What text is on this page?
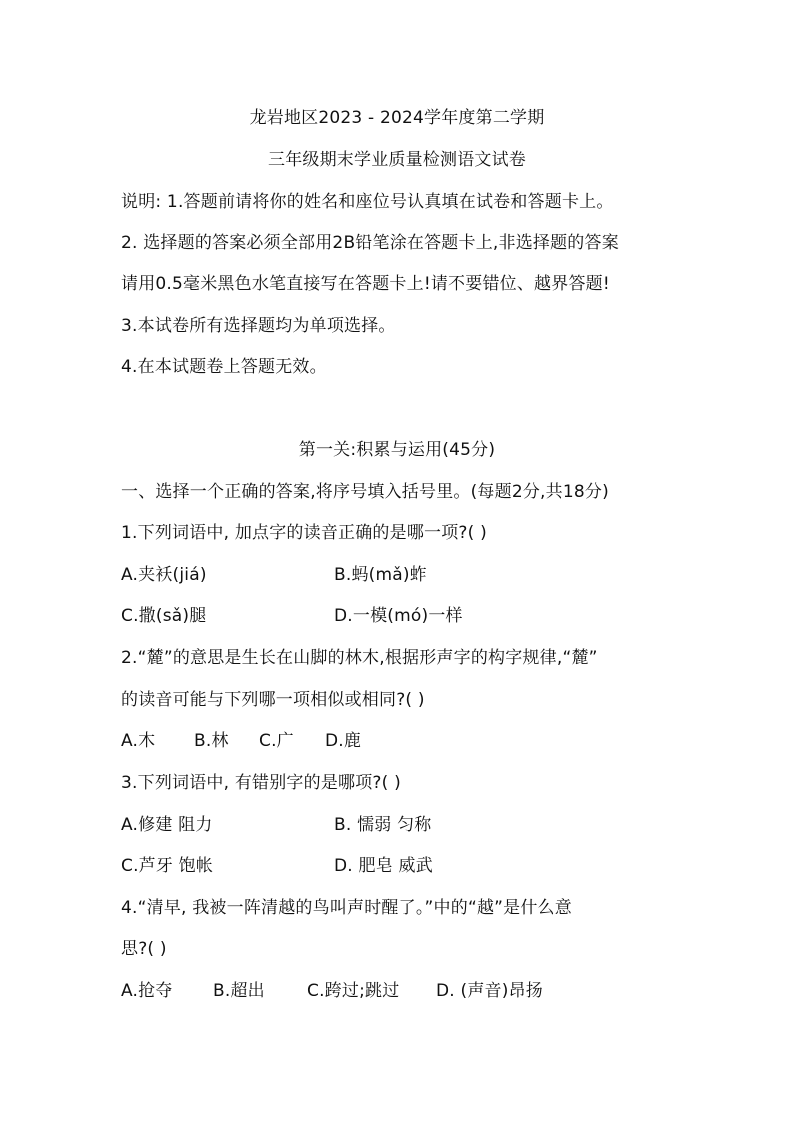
龙岩地区2023 - 2024学年度第二学期
三年级期末学业质量检测语文试卷
说明: 1.答题前请将你的姓名和座位号认真填在试卷和答题卡上。
2. 选择题的答案必须全部用2B铅笔涂在答题卡上,非选择题的答案
请用0.5毫米黑色水笔直接写在答题卡上!请不要错位、越界答题!
3.本试卷所有选择题均为单项选择。
4.在本试题卷上答题无效。
第一关:积累与运用(45分)
一、选择一个正确的答案,将序号填入括号里。(每题2分,共18分)
1.下列词语中, 加点字的读音正确的是哪一项?( )
A.夹袄(jiá)	B.蚂(mǎ)蚱
C.撒(sǎ)腿	D.一模(mó)一样
2.“麓”的意思是生长在山脚的林木,根据形声字的构字规律,“麓”
的读音可能与下列哪一项相似或相同?( )
A.木 B.林 C.广 D.鹿
3.下列词语中, 有错别字的是哪项?( )
A.修建 阻力	B. 懦弱 匀称
C.芦牙 饱帐	D. 肥皂 威武
4.“清早, 我被一阵清越的鸟叫声时醒了。”中的“越”是什么意
思?( )
A.抢夺 B.超出 C.跨过;跳过 D. (声音)昂扬
